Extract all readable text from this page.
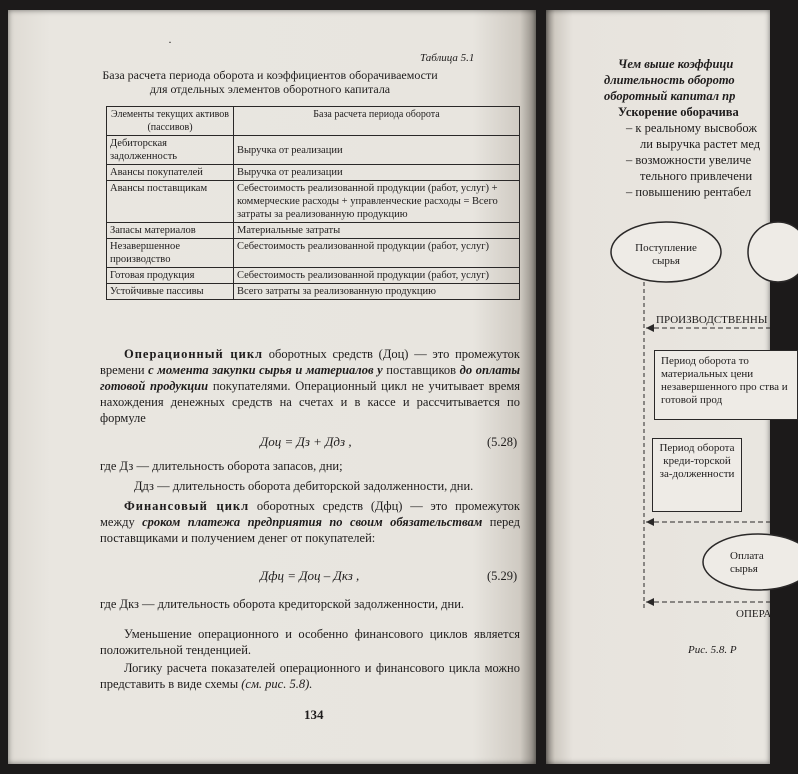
·
Таблица 5.1
База расчета периода оборота и коэффициентов оборачиваемости
для отдельных элементов оборотного капитала
Элементы текущих активов (пассивов)	База расчета периода оборота
Дебиторская задолженность	Выручка от реализации
Авансы покупателей	Выручка от реализации
Авансы поставщикам	Себестоимость реализованной продукции (работ, услуг) + коммерческие расходы + управленческие расходы = Всего затраты за реализованную продукцию
Запасы материалов	Материальные затраты
Незавершенное производство	Себестоимость реализованной продукции (работ, услуг)
Готовая продукция	Себестоимость реализованной продукции (работ, услуг)
Устойчивые пассивы	Всего затраты за реализованную продукцию
Операционный цикл оборотных средств (Доц) — это промежуток времени с момента закупки сырья и материалов у поставщиков до оплаты готовой продукции покупателями. Операционный цикл не учитывает время нахождения денежных средств на счетах и в кассе и рассчитывается по формуле
Доц = Дз + Ддз ,	(5.28)
где Дз — длительность оборота запасов, дни;
Ддз — длительность оборота дебиторской задолженности, дни.
Финансовый цикл оборотных средств (Дфц) — это промежуток между сроком платежа предприятия по своим обязательствам перед поставщиками и получением денег от покупателей:
Дфц = Доц – Дкз ,	(5.29)
где Дкз — длительность оборота кредиторской задолженности, дни.
Уменьшение операционного и особенно финансового циклов является положительной тенденцией.
Логику расчета показателей операционного и финансового цикла можно представить в виде схемы (см. рис. 5.8).
134
Чем выше коэффици
длительность оборото
оборотный капитал пр
Ускорение оборачива
– к реальному высвобож
ли выручка растет мед
– возможности увеличе
тельного привлечени
– повышению рентабел
Поступление сырья
ПРОИЗВОДСТВЕННЫ
Период оборота то материальных цени незавершенного про ства и готовой прод
Период оборота креди-торской за-долженности
Оплата сырья
ОПЕРА
Рис. 5.8. Р
